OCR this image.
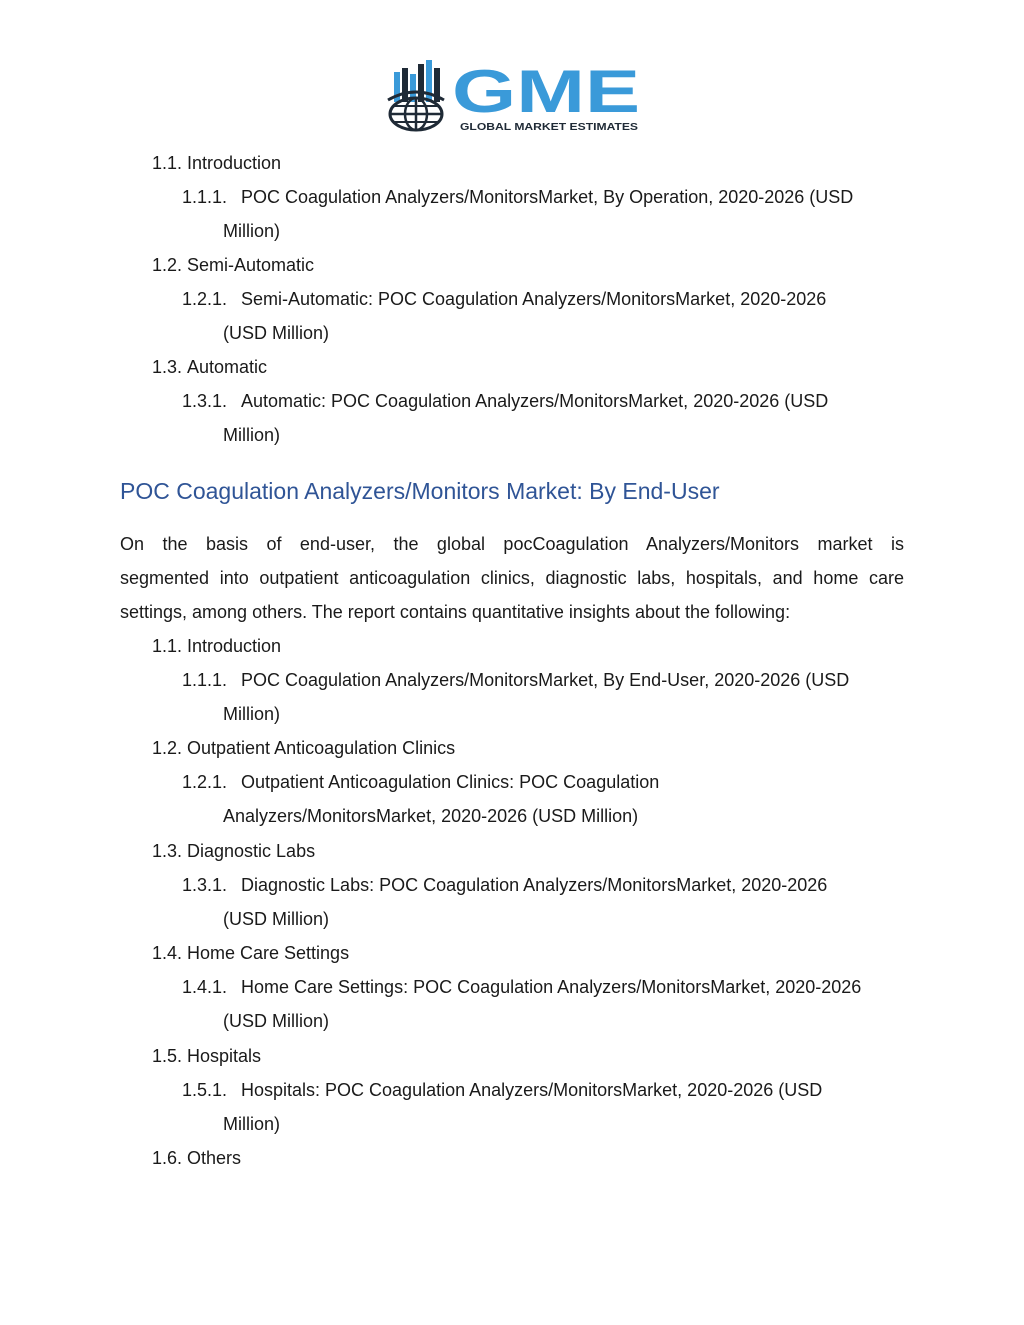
GME
GLOBAL MARKET ESTIMATES
1.1. Introduction
1.1.1. POC Coagulation Analyzers/MonitorsMarket, By Operation, 2020-2026 (USD
Million)
1.2. Semi-Automatic
1.2.1. Semi-Automatic: POC Coagulation Analyzers/MonitorsMarket, 2020-2026
(USD Million)
1.3. Automatic
1.3.1. Automatic: POC Coagulation Analyzers/MonitorsMarket, 2020-2026 (USD
Million)
POC Coagulation Analyzers/Monitors Market: By End-User
On the basis of end-user, the global pocCoagulation Analyzers/Monitors market is
segmented into outpatient anticoagulation clinics, diagnostic labs, hospitals, and home care
settings, among others. The report contains quantitative insights about the following:
1.1. Introduction
1.1.1. POC Coagulation Analyzers/MonitorsMarket, By End-User, 2020-2026 (USD
Million)
1.2. Outpatient Anticoagulation Clinics
1.2.1. Outpatient Anticoagulation Clinics: POC Coagulation
Analyzers/MonitorsMarket, 2020-2026 (USD Million)
1.3. Diagnostic Labs
1.3.1. Diagnostic Labs: POC Coagulation Analyzers/MonitorsMarket, 2020-2026
(USD Million)
1.4. Home Care Settings
1.4.1. Home Care Settings: POC Coagulation Analyzers/MonitorsMarket, 2020-2026
(USD Million)
1.5. Hospitals
1.5.1. Hospitals: POC Coagulation Analyzers/MonitorsMarket, 2020-2026 (USD
Million)
1.6. Others
